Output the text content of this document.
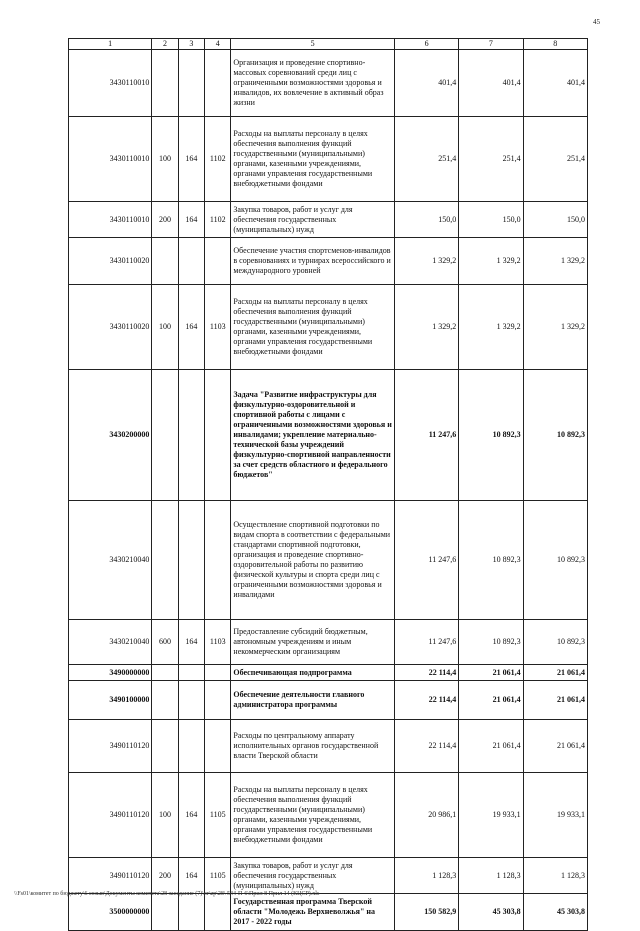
45
1	2	3	4	5	6	7	8
3430110010				Организация и проведение спортивно-массовых соревнований среди лиц с ограниченными возможностями здоровья и инвалидов, их вовлечение в активный образ жизни	401,4	401,4	401,4
3430110010	100	164	1102	Расходы на выплаты персоналу в целях обеспечения выполнения функций государственными (муниципальными) органами, казенными учреждениями, органами управления государственными внебюджетными фондами	251,4	251,4	251,4
3430110010	200	164	1102	Закупка товаров, работ и услуг для обеспечения государственных (муниципальных) нужд	150,0	150,0	150,0
3430110020				Обеспечение участия спортсменов-инвалидов в соревнованиях и турнирах всероссийского и международного уровней	1 329,2	1 329,2	1 329,2
3430110020	100	164	1103	Расходы на выплаты персоналу в целях обеспечения выполнения функций государственными (муниципальными) органами, казенными учреждениями, органами управления государственными внебюджетными фондами	1 329,2	1 329,2	1 329,2
3430200000				Задача "Развитие инфраструктуры для физкультурно-оздоровительной и спортивной работы с лицами с ограниченными возможностями здоровья и инвалидами; укрепление материально-технической базы учреждений физкультурно-спортивной направленности за счет средств областного и федерального бюджетов"	11 247,6	10 892,3	10 892,3
3430210040				Осуществление спортивной подготовки по видам спорта в соответствии с федеральными стандартами спортивной подготовки, организация и проведение спортивно-оздоровительной работы по развитию физической культуры и спорта среди лиц с ограниченными возможностями здоровья и инвалидами	11 247,6	10 892,3	10 892,3
3430210040	600	164	1103	Предоставление субсидий бюджетным, автономным учреждениям и иным некоммерческим организациям	11 247,6	10 892,3	10 892,3
3490000000				Обеспечивающая подпрограмма	22 114,4	21 061,4	21 061,4
3490100000				Обеспечение деятельности главного администратора программы	22 114,4	21 061,4	21 061,4
3490110120				Расходы по центральному аппарату исполнительных органов государственной власти Тверской области	22 114,4	21 061,4	21 061,4
3490110120	100	164	1105	Расходы на выплаты персоналу в целях обеспечения выполнения функций государственными (муниципальными) органами, казенными учреждениями, органами управления государственными внебюджетными фондами	20 986,1	19 933,1	19 933,1
3490110120	200	164	1105	Закупка товаров, работ и услуг для обеспечения государственных (муниципальных) нужд	1 128,3	1 128,3	1 128,3
3500000000				Государственная программа Тверской области "Молодежь Верхневолжья" на 2017 - 2022 годы	150 582,9	45 303,8	45 303,8
\\Fs01\комитет по бюджету\6 созыв\Документы комитета\28 заседание (7)\pr\zp\28\ 544-П-6\Прил 8 Прил 14 (КЦСР).xls
